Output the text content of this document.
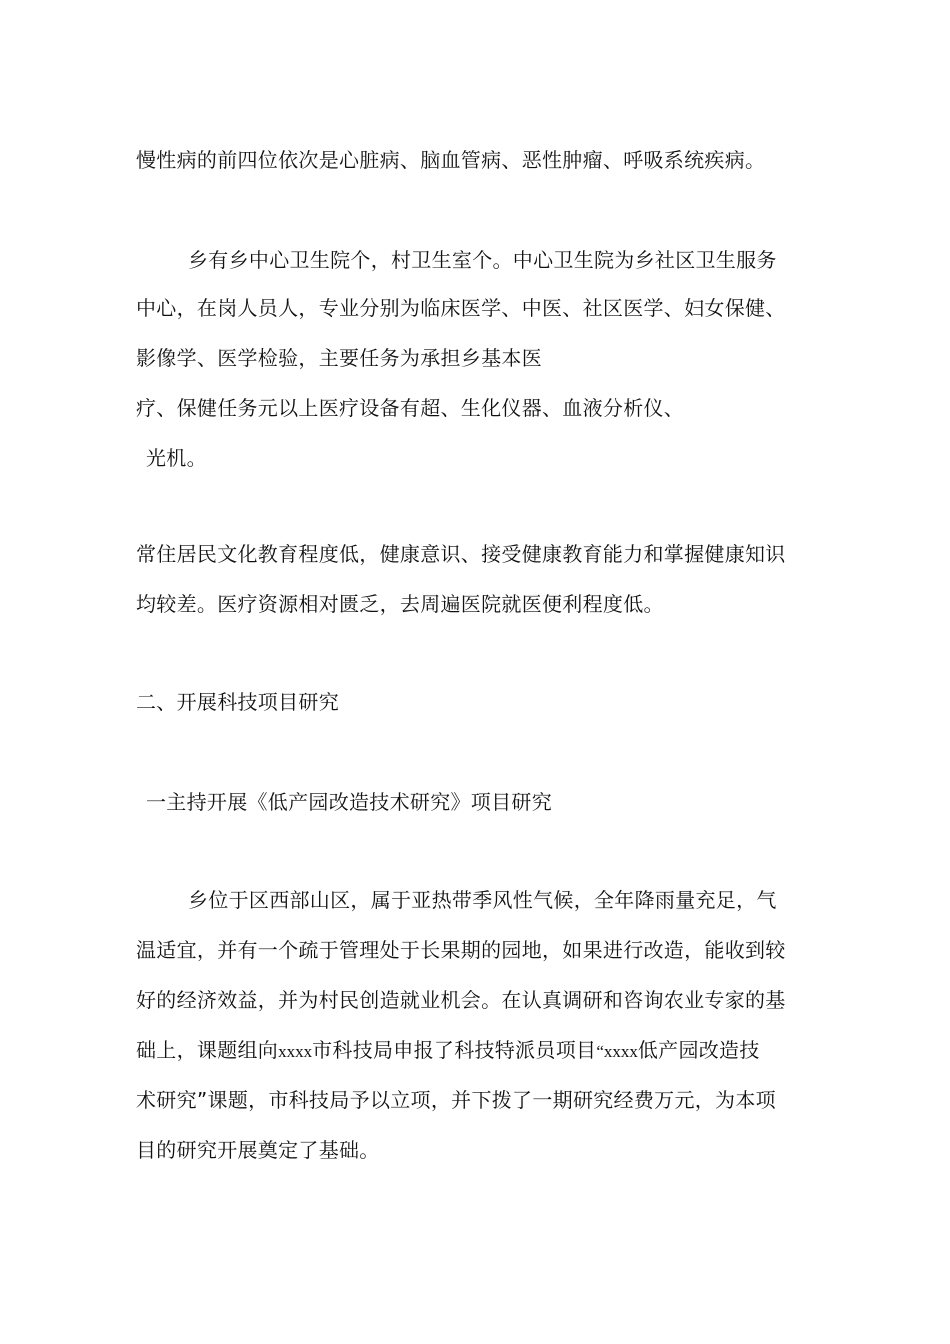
慢性病的前四位依次是心脏病、脑血管病、恶性肿瘤、呼吸系统疾病。
乡有乡中心卫生院个，村卫生室个。中心卫生院为乡社区卫生服务
中心，在岗人员人，专业分别为临床医学、中医、社区医学、妇女保健、
影像学、医学检验，主要任务为承担乡基本医
疗、保健任务元以上医疗设备有超、生化仪器、血液分析仪、
光机。
常住居民文化教育程度低，健康意识、接受健康教育能力和掌握健康知识
均较差。医疗资源相对匮乏，去周遍医院就医便利程度低。
二、开展科技项目研究
一主持开展《低产园改造技术研究》项目研究
乡位于区西部山区，属于亚热带季风性气候，全年降雨量充足，气
温适宜，并有一个疏于管理处于长果期的园地，如果进行改造，能收到较
好的经济效益，并为村民创造就业机会。在认真调研和咨询农业专家的基
础上，课题组向xxxx市科技局申报了科技特派员项目“xxxx低产园改造技
术研究”课题，市科技局予以立项，并下拨了一期研究经费万元，为本项
目的研究开展奠定了基础。
